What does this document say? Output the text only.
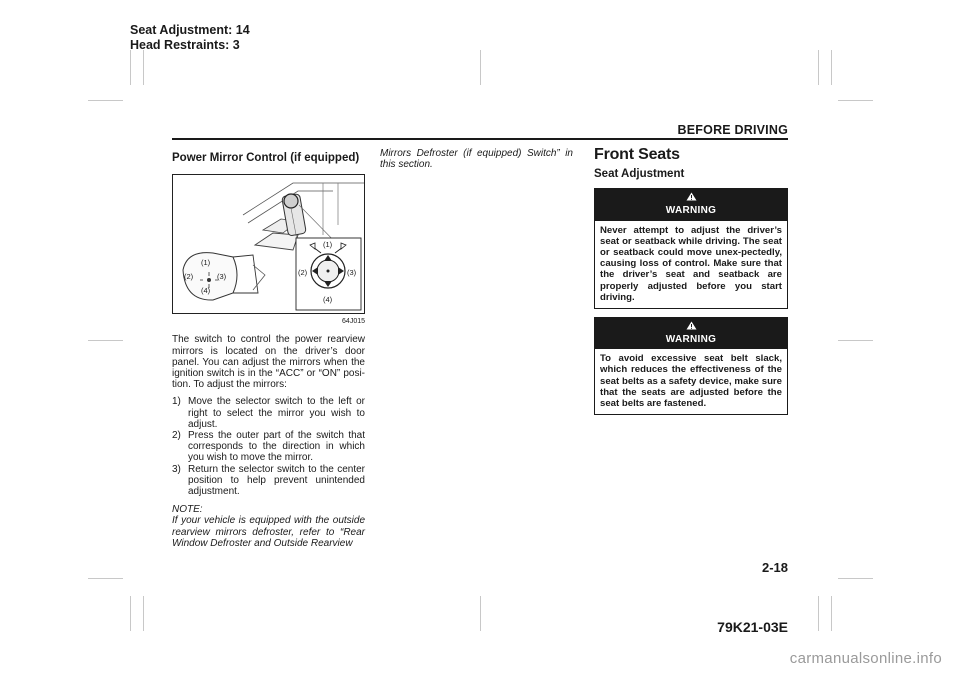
Seat Adjustment: 14
Head Restraints: 3
BEFORE DRIVING
Power Mirror Control (if equipped)
(1)
(2)	(3)
(4)
(1)
(2)	(3)
(4)
64J015

The switch to control the power rearview mirrors is located on the driver’s door panel. You can adjust the mirrors when the ignition switch is in the “ACC” or “ON” posi-tion. To adjust the mirrors:

1) Move the selector switch to the left or right to select the mirror you wish to adjust.
2) Press the outer part of the switch that corresponds to the direction in which you wish to move the mirror.
3) Return the selector switch to the center position to help prevent unintended adjustment.
NOTE:

If your vehicle is equipped with the outside rearview mirrors defroster, refer to “Rear Window Defroster and Outside Rearview

Mirrors Defroster (if equipped) Switch” in this section.

Front Seats
Seat Adjustment
WARNING
Never attempt to adjust the driver’s seat or seatback while driving. The seat or seatback could move unex-pectedly, causing loss of control. Make sure that the driver’s seat and seatback are properly adjusted before you start driving.
WARNING
To avoid excessive seat belt slack, which reduces the effectiveness of the seat belts as a safety device, make sure that the seats are adjusted before the seat belts are fastened.
2-18
79K21-03E
carmanualsonline.info
